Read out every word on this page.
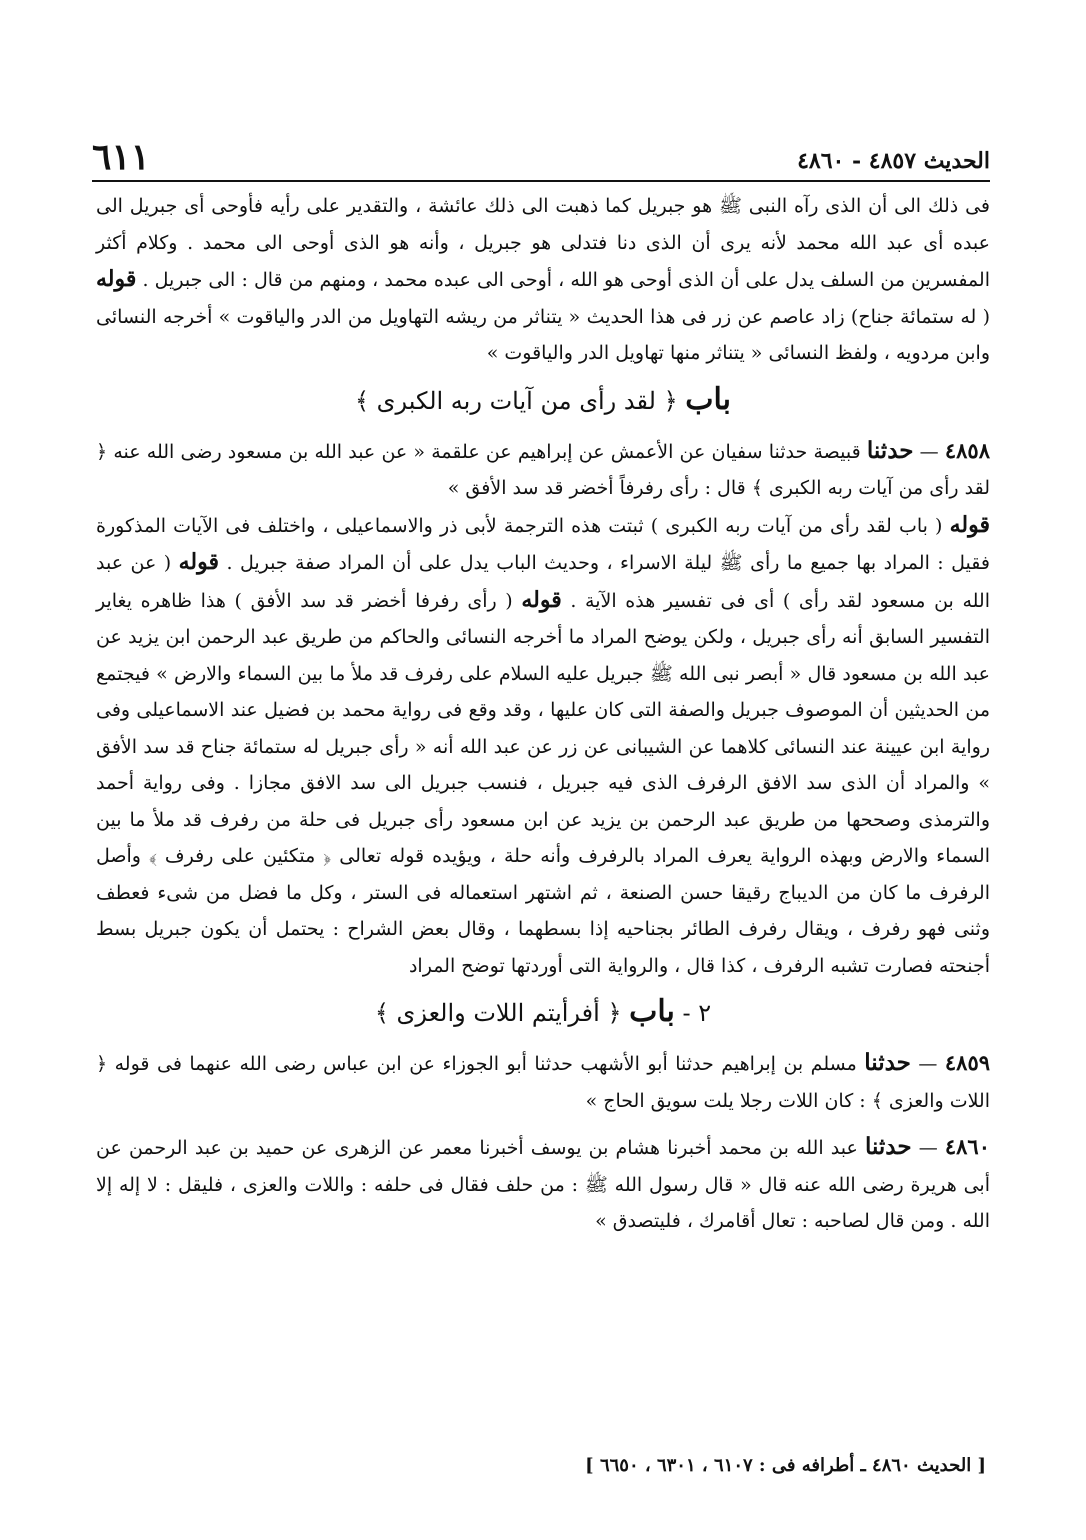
الحديث ٤٨٥٧ - ٤٨٦٠
٦١١

فى ذلك الى أن الذى رآه النبى ﷺ هو جبريل كما ذهبت الى ذلك عائشة ، والتقدير على رأيه فأوحى أى جبريل الى عبده أى عبد الله محمد لأنه يرى أن الذى دنا فتدلى هو جبريل ، وأنه هو الذى أوحى الى محمد . وكلام أكثر المفسرين من السلف يدل على أن الذى أوحى هو الله ، أوحى الى عبده محمد ، ومنهم من قال : الى جبريل . قوله ( له ستمائة جناح) زاد عاصم عن زر فى هذا الحديث « يتناثر من ريشه التهاويل من الدر والياقوت » أخرجه النسائى وابن مردويه ، ولفظ النسائى « يتناثر منها تهاويل الدر والياقوت »

باب ﴿ لقد رأى من آيات ربه الكبرى ﴾

٤٨٥٨ — حدثنا قبيصة حدثنا سفيان عن الأعمش عن إبراهيم عن علقمة « عن عبد الله بن مسعود رضى الله عنه ﴿ لقد رأى من آيات ربه الكبرى ﴾ قال : رأى رفرفاً أخضر قد سد الأفق »

قوله ( باب لقد رأى من آيات ربه الكبرى ) ثبتت هذه الترجمة لأبى ذر والاسماعيلى ، واختلف فى الآيات المذكورة فقيل : المراد بها جميع ما رأى ﷺ ليلة الاسراء ، وحديث الباب يدل على أن المراد صفة جبريل . قوله ( عن عبد الله بن مسعود لقد رأى ) أى فى تفسير هذه الآية . قوله ( رأى رفرفا أخضر قد سد الأفق ) هذا ظاهره يغاير التفسير السابق أنه رأى جبريل ، ولكن يوضح المراد ما أخرجه النسائى والحاكم من طريق عبد الرحمن ابن يزيد عن عبد الله بن مسعود قال « أبصر نبى الله ﷺ جبريل عليه السلام على رفرف قد ملأ ما بين السماء والارض » فيجتمع من الحديثين أن الموصوف جبريل والصفة التى كان عليها ، وقد وقع فى رواية محمد بن فضيل عند الاسماعيلى وفى رواية ابن عيينة عند النسائى كلاهما عن الشيبانى عن زر عن عبد الله أنه « رأى جبريل له ستمائة جناح قد سد الأفق » والمراد أن الذى سد الافق الرفرف الذى فيه جبريل ، فنسب جبريل الى سد الافق مجازا . وفى رواية أحمد والترمذى وصححها من طريق عبد الرحمن بن يزيد عن ابن مسعود رأى جبريل فى حلة من رفرف قد ملأ ما بين السماء والارض وبهذه الرواية يعرف المراد بالرفرف وأنه حلة ، ويؤيده قوله تعالى ﴿ متكئين على رفرف ﴾ وأصل الرفرف ما كان من الديباج رقيقا حسن الصنعة ، ثم اشتهر استعماله فى الستر ، وكل ما فضل من شىء فعطف وثنى فهو رفرف ، ويقال رفرف الطائر بجناحيه إذا بسطهما ، وقال بعض الشراح : يحتمل أن يكون جبريل بسط أجنحته فصارت تشبه الرفرف ، كذا قال ، والرواية التى أوردتها توضح المراد

٢ - باب ﴿ أفرأيتم اللات والعزى ﴾

٤٨٥٩ — حدثنا مسلم بن إبراهيم حدثنا أبو الأشهب حدثنا أبو الجوزاء عن ابن عباس رضى الله عنهما فى قوله ﴿ اللات والعزى ﴾ : كان اللات رجلا يلت سويق الحاج »

٤٨٦٠ — حدثنا عبد الله بن محمد أخبرنا هشام بن يوسف أخبرنا معمر عن الزهرى عن حميد بن عبد الرحمن عن أبى هريرة رضى الله عنه قال « قال رسول الله ﷺ : من حلف فقال فى حلفه : واللات والعزى ، فليقل : لا إله إلا الله . ومن قال لصاحبه : تعال أقامرك ، فليتصدق »

[ الحديث ٤٨٦٠ ـ أطرافه فى : ٦١٠٧ ، ٦٣٠١ ، ٦٦٥٠ ]
